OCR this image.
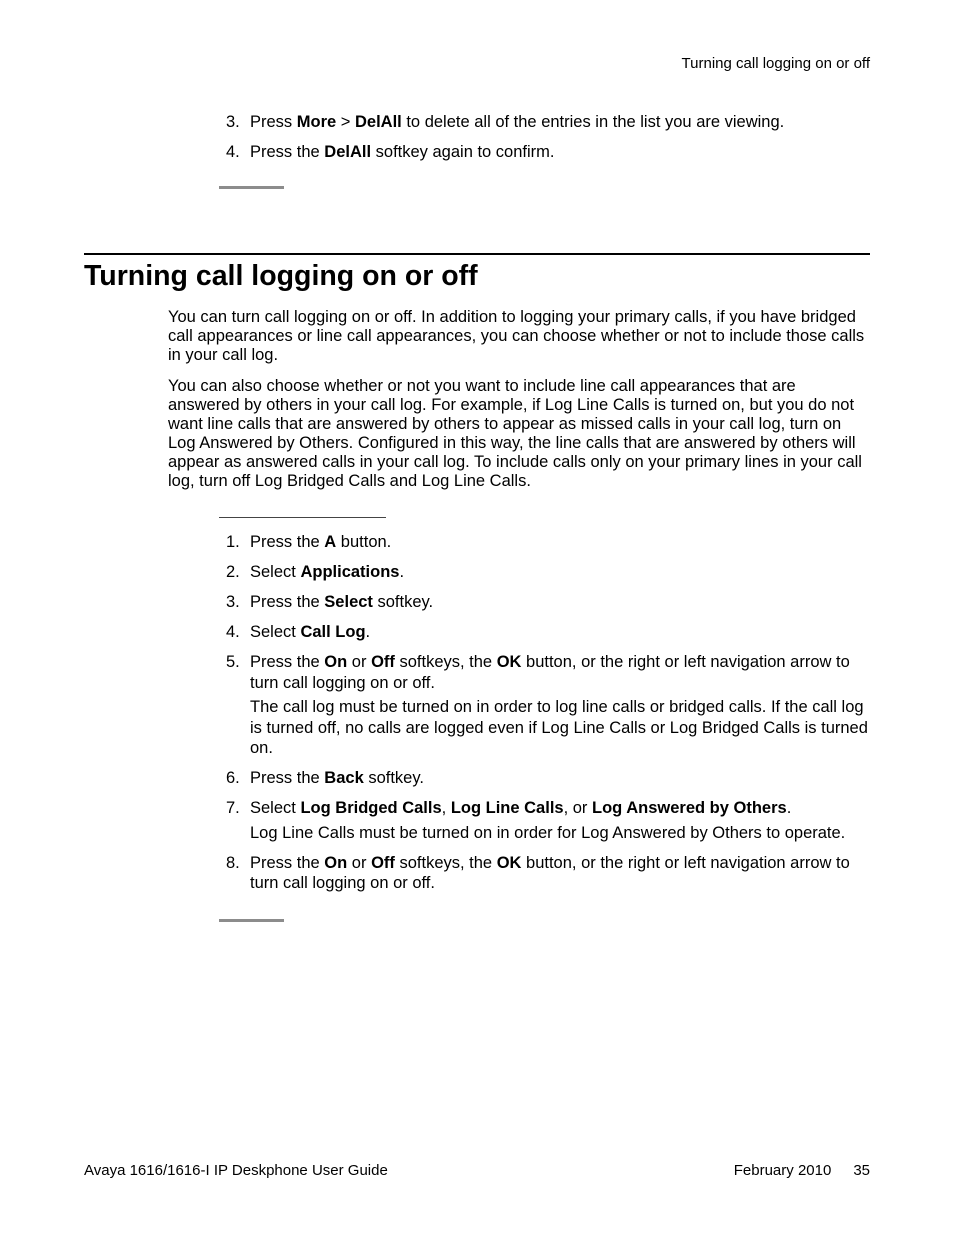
Turning call logging on or off
3. Press More > DelAll to delete all of the entries in the list you are viewing.

4. Press the DelAll softkey again to confirm.

Turning call logging on or off

You can turn call logging on or off. In addition to logging your primary calls, if you have bridged call appearances or line call appearances, you can choose whether or not to include those calls in your call log.

You can also choose whether or not you want to include line call appearances that are answered by others in your call log. For example, if Log Line Calls is turned on, but you do not want line calls that are answered by others to appear as missed calls in your call log, turn on Log Answered by Others. Configured in this way, the line calls that are answered by others will appear as answered calls in your call log. To include calls only on your primary lines in your call log, turn off Log Bridged Calls and Log Line Calls.

1. Press the A button.

2. Select Applications.

3. Press the Select softkey.

4. Select Call Log.

5. Press the On or Off softkeys, the OK button, or the right or left navigation arrow to turn call logging on or off.

The call log must be turned on in order to log line calls or bridged calls. If the call log is turned off, no calls are logged even if Log Line Calls or Log Bridged Calls is turned on.

6. Press the Back softkey.

7. Select Log Bridged Calls, Log Line Calls, or Log Answered by Others.

Log Line Calls must be turned on in order for Log Answered by Others to operate.

8. Press the On or Off softkeys, the OK button, or the right or left navigation arrow to turn call logging on or off.

Avaya 1616/1616-I IP Deskphone User Guide	February 2010 35
